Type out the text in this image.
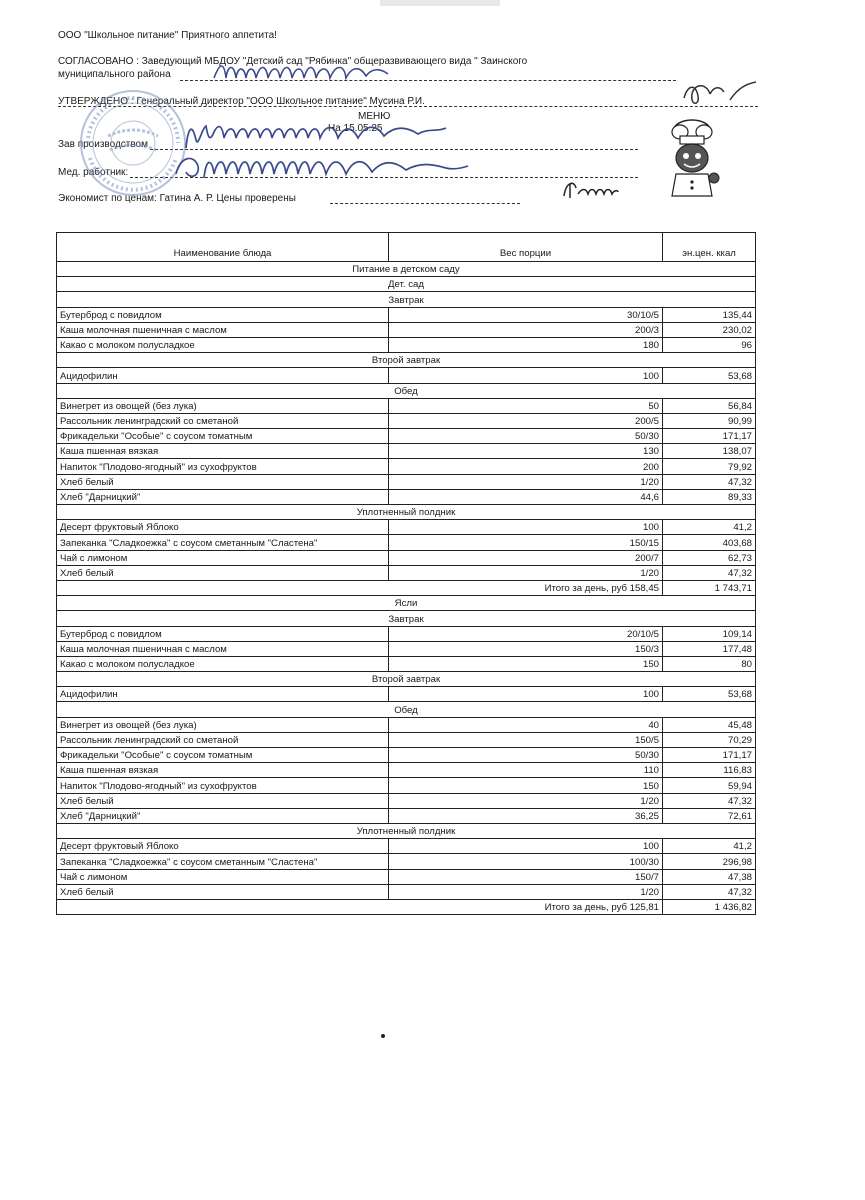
ООО "Школьное питание" Приятного аппетита!
СОГЛАСОВАНО : Заведующий МБДОУ "Детский сад "Рябинка" общеразвивающего вида " Заинского
муниципального района
УТВЕРЖДЕНО : Генеральный директор "ООО Школьное питание" Мусина Р.И.
МЕНЮ
На 15.05.25
Зав производством
Мед. работник:
Экономист по ценам: Гатина А. Р. Цены проверены
Наименование блюда	Вес порции	эн.цен. ккал
Питание в детском саду		
Дет. сад		
Завтрак		
Бутерброд с повидлом	30/10/5	135,44
Каша молочная пшеничная с маслом	200/3	230,02
Какао с молоком полусладкое	180	96
Второй завтрак		
Ацидофилин	100	53,68
Обед		
Винегрет из овощей (без лука)	50	56,84
Рассольник ленинградский со сметаной	200/5	90,99
Фрикадельки "Особые" с соусом томатным	50/30	171,17
Каша пшенная вязкая	130	138,07
Напиток "Плодово-ягодный" из сухофруктов	200	79,92
Хлеб белый	1/20	47,32
Хлеб "Дарницкий"	44,6	89,33
Уплотненный полдник		
Десерт фруктовый Яблоко	100	41,2
Запеканка "Сладкоежка" с соусом сметанным "Сластена"	150/15	403,68
Чай с лимоном	200/7	62,73
Хлеб белый	1/20	47,32
	Итого за день, руб 158,45	1 743,71
Ясли		
Завтрак		
Бутерброд с повидлом	20/10/5	109,14
Каша молочная пшеничная с маслом	150/3	177,48
Какао с молоком полусладкое	150	80
Второй завтрак		
Ацидофилин	100	53,68
Обед		
Винегрет из овощей (без лука)	40	45,48
Рассольник ленинградский со сметаной	150/5	70,29
Фрикадельки "Особые" с соусом томатным	50/30	171,17
Каша пшенная вязкая	110	116,83
Напиток "Плодово-ягодный" из сухофруктов	150	59,94
Хлеб белый	1/20	47,32
Хлеб "Дарницкий"	36,25	72,61
Уплотненный полдник		
Десерт фруктовый Яблоко	100	41,2
Запеканка "Сладкоежка" с соусом сметанным "Сластена"	100/30	296,98
Чай с лимоном	150/7	47,38
Хлеб белый	1/20	47,32
	Итого за день, руб 125,81	1 436,82
